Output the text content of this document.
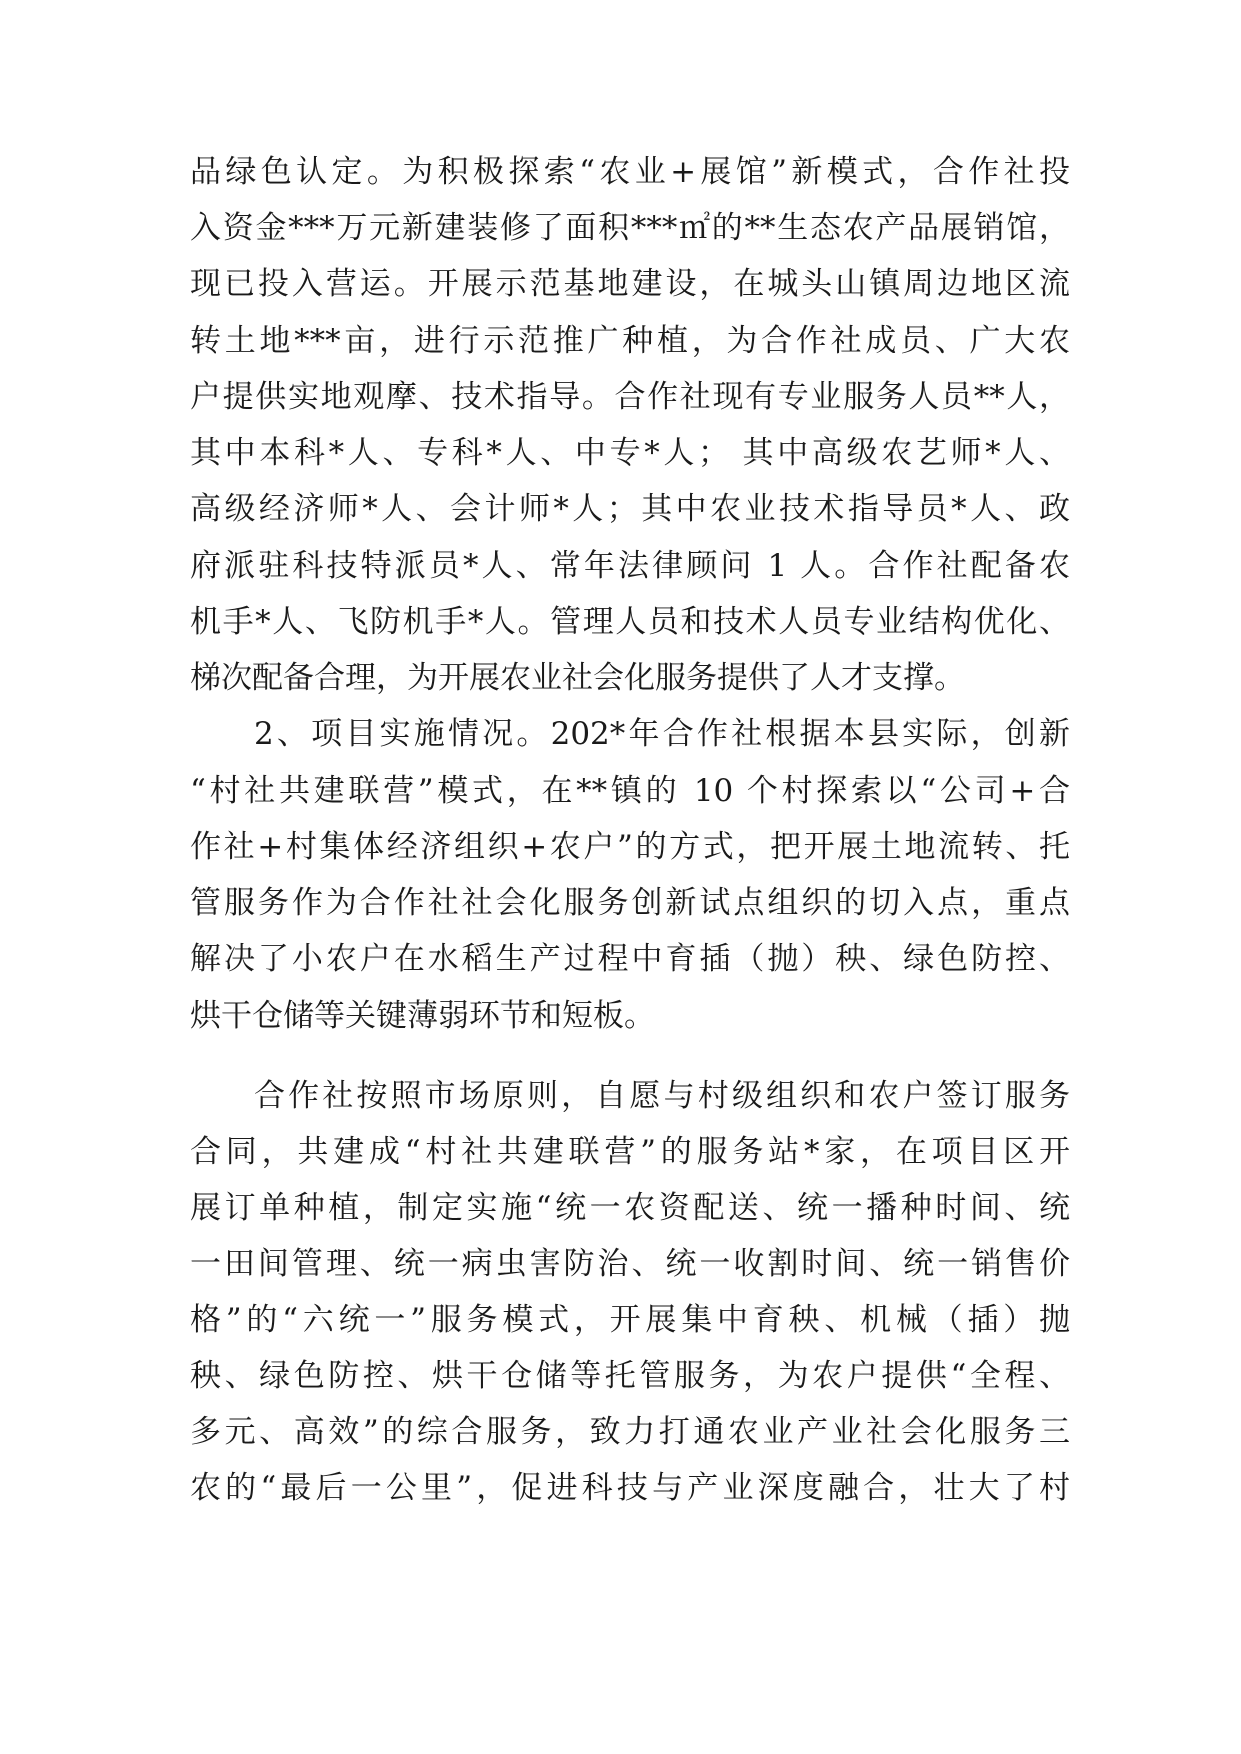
品绿色认定。为积极探索“农业+展馆”新模式，合作社投
入资金***万元新建装修了面积***㎡的**生态农产品展销馆，
现已投入营运。开展示范基地建设，在城头山镇周边地区流
转土地***亩，进行示范推广种植，为合作社成员、广大农
户提供实地观摩、技术指导。合作社现有专业服务人员**人，
其中本科*人、专科*人、中专*人； 其中高级农艺师*人、
高级经济师*人、会计师*人；其中农业技术指导员*人、政
府派驻科技特派员*人、常年法律顾问 1 人。合作社配备农
机手*人、飞防机手*人。管理人员和技术人员专业结构优化、
梯次配备合理，为开展农业社会化服务提供了人才支撑。
2、项目实施情况。202*年合作社根据本县实际，创新
“村社共建联营”模式，在**镇的 10 个村探索以“公司+合
作社+村集体经济组织+农户”的方式，把开展土地流转、托
管服务作为合作社社会化服务创新试点组织的切入点，重点
解决了小农户在水稻生产过程中育插（抛）秧、绿色防控、
烘干仓储等关键薄弱环节和短板。
合作社按照市场原则，自愿与村级组织和农户签订服务
合同，共建成“村社共建联营”的服务站*家，在项目区开
展订单种植，制定实施“统一农资配送、统一播种时间、统
一田间管理、统一病虫害防治、统一收割时间、统一销售价
格”的“六统一”服务模式，开展集中育秧、机械（插）抛
秧、绿色防控、烘干仓储等托管服务，为农户提供“全程、
多元、高效”的综合服务，致力打通农业产业社会化服务三
农的“最后一公里”，促进科技与产业深度融合，壮大了村
